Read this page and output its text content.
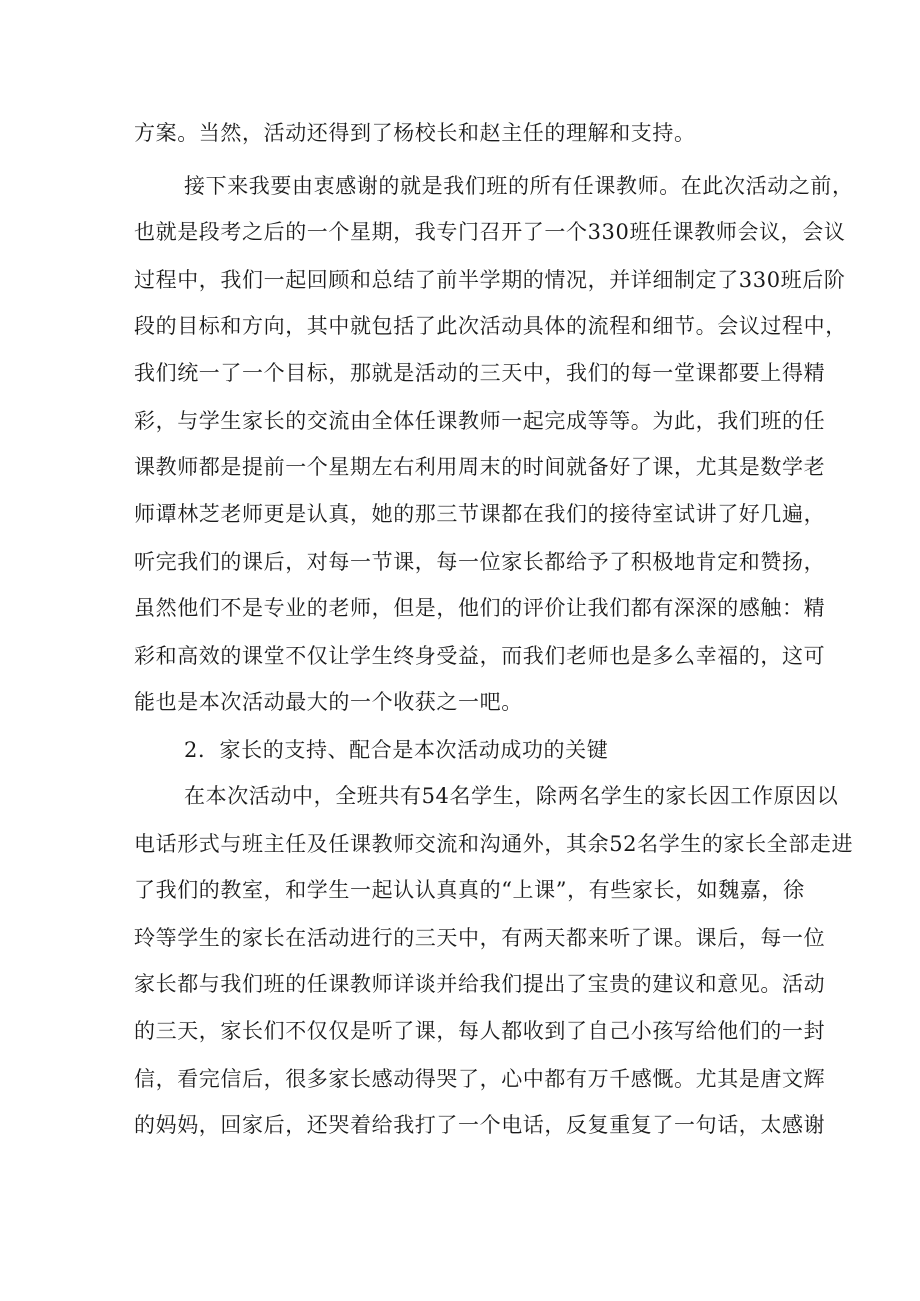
方案。当然，活动还得到了杨校长和赵主任的理解和支持。
接下来我要由衷感谢的就是我们班的所有任课教师。在此次活动之前，
也就是段考之后的一个星期，我专门召开了一个330班任课教师会议，会议
过程中，我们一起回顾和总结了前半学期的情况，并详细制定了330班后阶
段的目标和方向，其中就包括了此次活动具体的流程和细节。会议过程中，
我们统一了一个目标，那就是活动的三天中，我们的每一堂课都要上得精
彩，与学生家长的交流由全体任课教师一起完成等等。为此，我们班的任
课教师都是提前一个星期左右利用周末的时间就备好了课，尤其是数学老
师谭林芝老师更是认真，她的那三节课都在我们的接待室试讲了好几遍，
听完我们的课后，对每一节课，每一位家长都给予了积极地肯定和赞扬，
虽然他们不是专业的老师，但是，他们的评价让我们都有深深的感触：精
彩和高效的课堂不仅让学生终身受益，而我们老师也是多么幸福的，这可
能也是本次活动最大的一个收获之一吧。
2．家长的支持、配合是本次活动成功的关键
在本次活动中，全班共有54名学生，除两名学生的家长因工作原因以
电话形式与班主任及任课教师交流和沟通外，其余52名学生的家长全部走进
了我们的教室，和学生一起认认真真的“上课”，有些家长，如魏嘉，徐
玲等学生的家长在活动进行的三天中，有两天都来听了课。课后，每一位
家长都与我们班的任课教师详谈并给我们提出了宝贵的建议和意见。活动
的三天，家长们不仅仅是听了课，每人都收到了自己小孩写给他们的一封
信，看完信后，很多家长感动得哭了，心中都有万千感慨。尤其是唐文辉
的妈妈，回家后，还哭着给我打了一个电话，反复重复了一句话，太感谢
